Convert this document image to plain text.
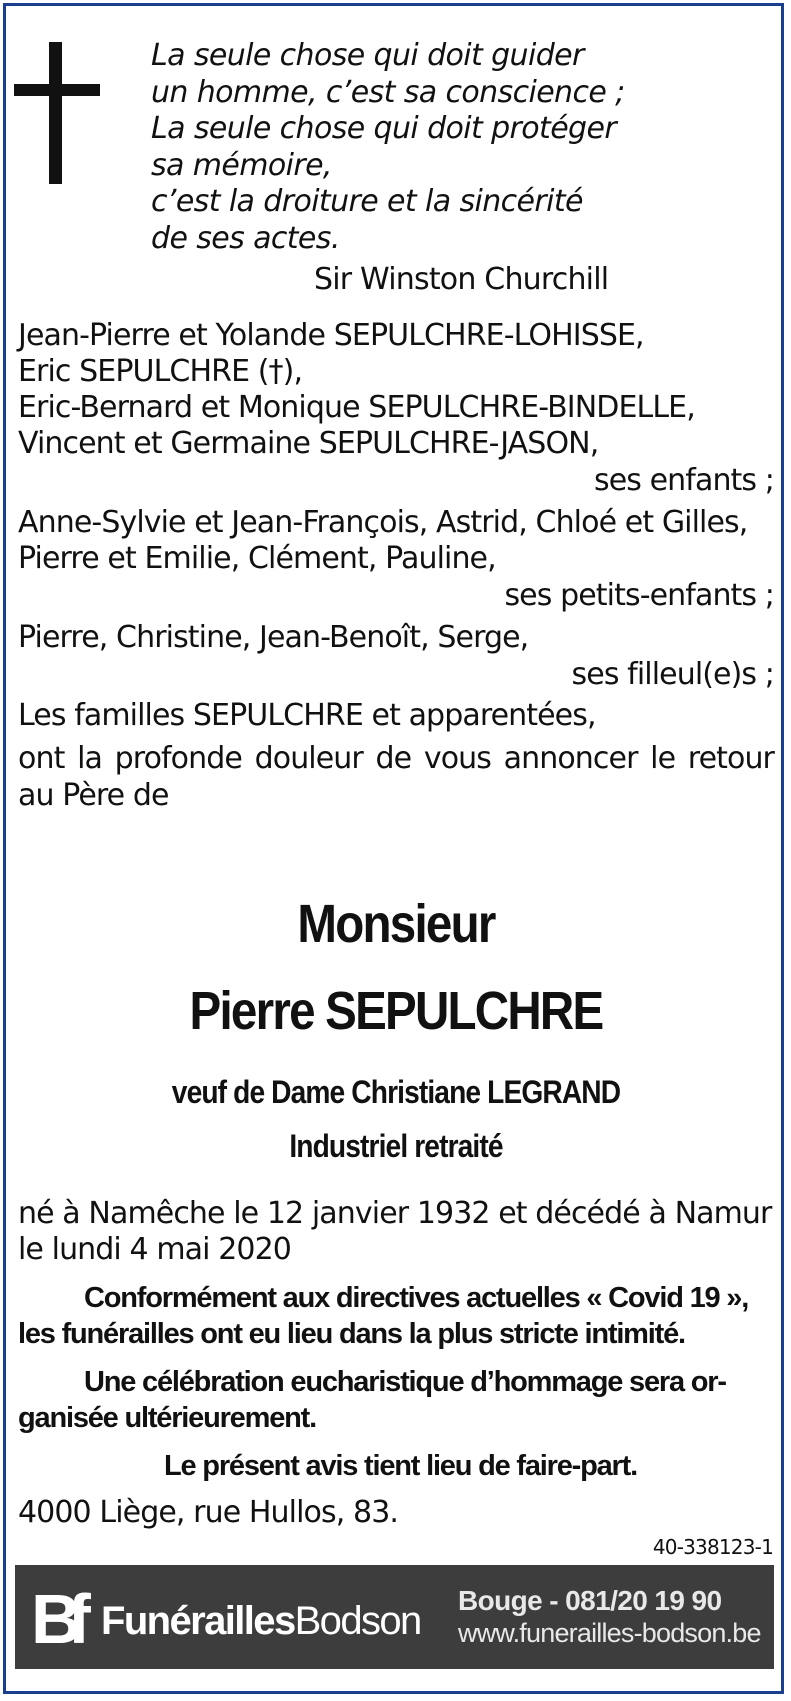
La seule chose qui doit guider
un homme, c’est sa conscience ;
La seule chose qui doit protéger
sa mémoire,
c’est la droiture et la sincérité
de ses actes.
Sir Winston Churchill
Jean-Pierre et Yolande SEPULCHRE-LOHISSE,
Eric SEPULCHRE (†),
Eric-Bernard et Monique SEPULCHRE-BINDELLE,
Vincent et Germaine SEPULCHRE-JASON,
ses enfants ;
Anne-Sylvie et Jean-François, Astrid, Chloé et Gilles,
Pierre et Emilie, Clément, Pauline,
ses petits-enfants ;
Pierre, Christine, Jean-Benoît, Serge,
ses filleul(e)s ;
Les familles SEPULCHRE et apparentées,
ont la profonde douleur de vous annoncer le retour au Père de
Monsieur
Pierre SEPULCHRE
veuf de Dame Christiane LEGRAND
Industriel retraité
né à Namêche le 12 janvier 1932 et décédé à Namur
le lundi 4 mai 2020
Conformément aux directives actuelles « Covid 19 »,
les funérailles ont eu lieu dans la plus stricte intimité.
Une célébration eucharistique d’hommage sera or-
ganisée ultérieurement.
Le présent avis tient lieu de faire-part.
4000 Liège, rue Hullos, 83.
40-338123-1
Bf FunéraillesBodson Bouge - 081/20 19 90
www.funerailles-bodson.be
